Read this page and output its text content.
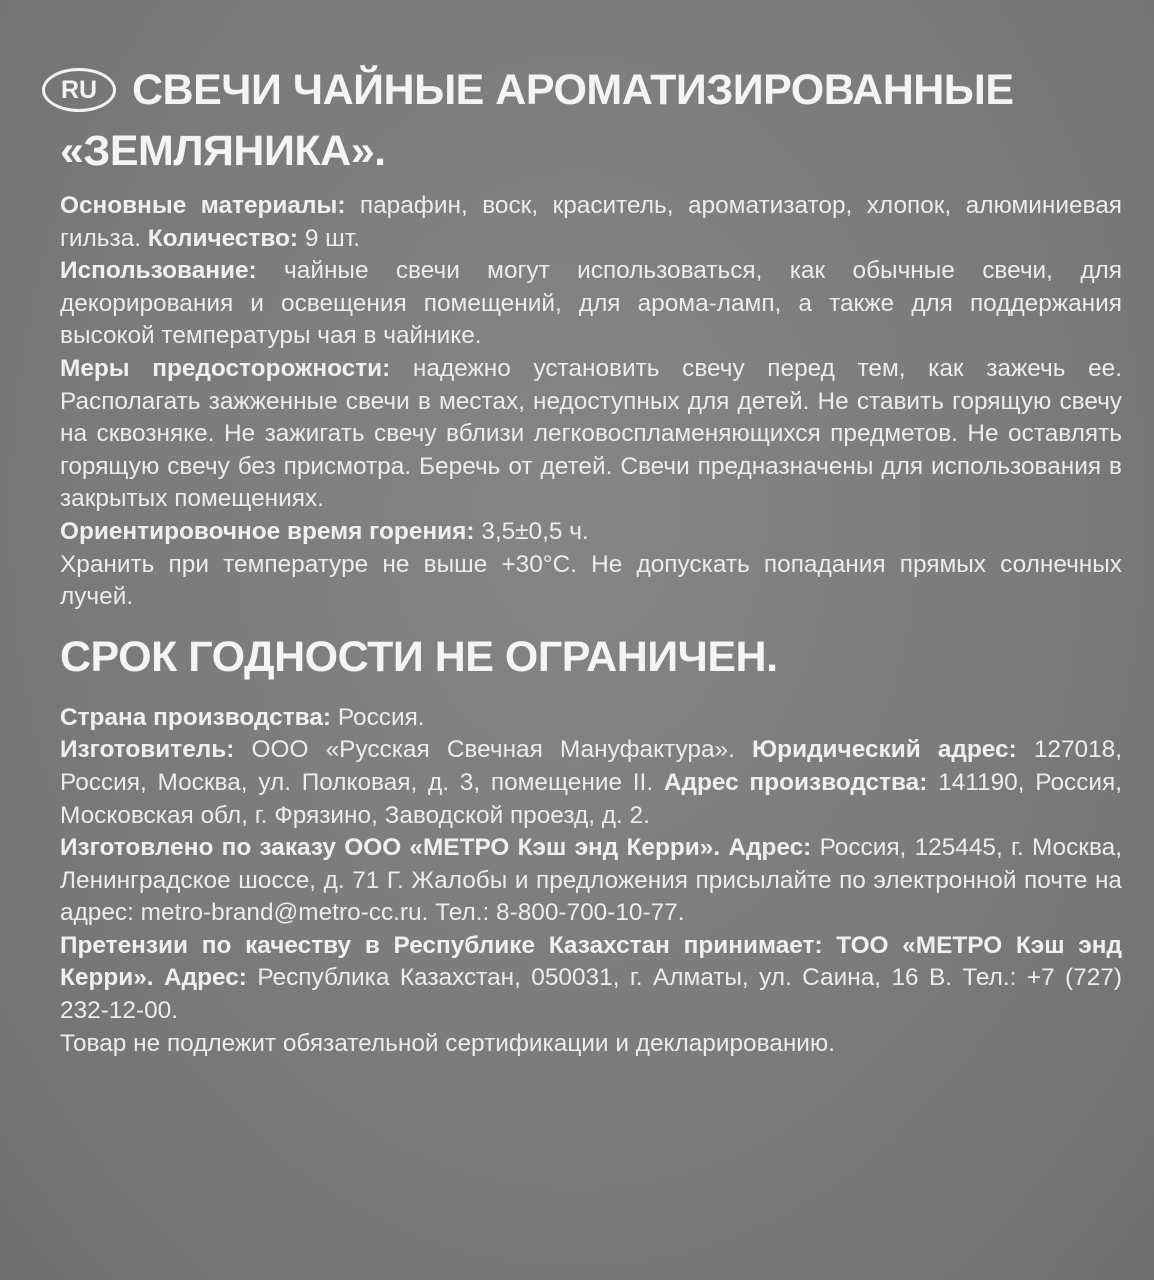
RU СВЕЧИ ЧАЙНЫЕ АРОМАТИЗИРОВАННЫЕ
«ЗЕМЛЯНИКА».

Основные материалы: парафин, воск, краситель, ароматизатор, хлопок, алюминиевая гильза. Количество: 9 шт.

Использование: чайные свечи могут использоваться, как обычные свечи, для декорирования и освещения помещений, для арома-ламп, а также для поддержания высокой температуры чая в чайнике.

Меры предосторожности: надежно установить свечу перед тем, как зажечь ее. Располагать зажженные свечи в местах, недоступных для детей. Не ставить горящую свечу на сквозняке. Не зажигать свечу вблизи легковоспламеняющихся предметов. Не оставлять горящую свечу без присмотра. Беречь от детей. Свечи предназначены для использования в закрытых помещениях.

Ориентировочное время горения: 3,5±0,5 ч.

Хранить при температуре не выше +30°С. Не допускать попадания прямых солнечных лучей.

СРОК ГОДНОСТИ НЕ ОГРАНИЧЕН.

Страна производства: Россия.

Изготовитель: ООО «Русская Свечная Мануфактура». Юридический адрес: 127018, Россия, Москва, ул. Полковая, д. 3, помещение II. Адрес производства: 141190, Россия, Московская обл, г. Фрязино, Заводской проезд, д. 2.

Изготовлено по заказу ООО «МЕТРО Кэш энд Керри». Адрес: Россия, 125445, г. Москва, Ленинградское шоссе, д. 71 Г. Жалобы и предложения присылайте по электронной почте на адрес: metro-brand@metro-cc.ru. Тел.: 8-800-700-10-77.

Претензии по качеству в Республике Казахстан принимает: ТОО «МЕТРО Кэш энд Керри». Адрес: Республика Казахстан, 050031, г. Алматы, ул. Саина, 16 В. Тел.: +7 (727) 232-12-00.

Товар не подлежит обязательной сертификации и декларированию.
